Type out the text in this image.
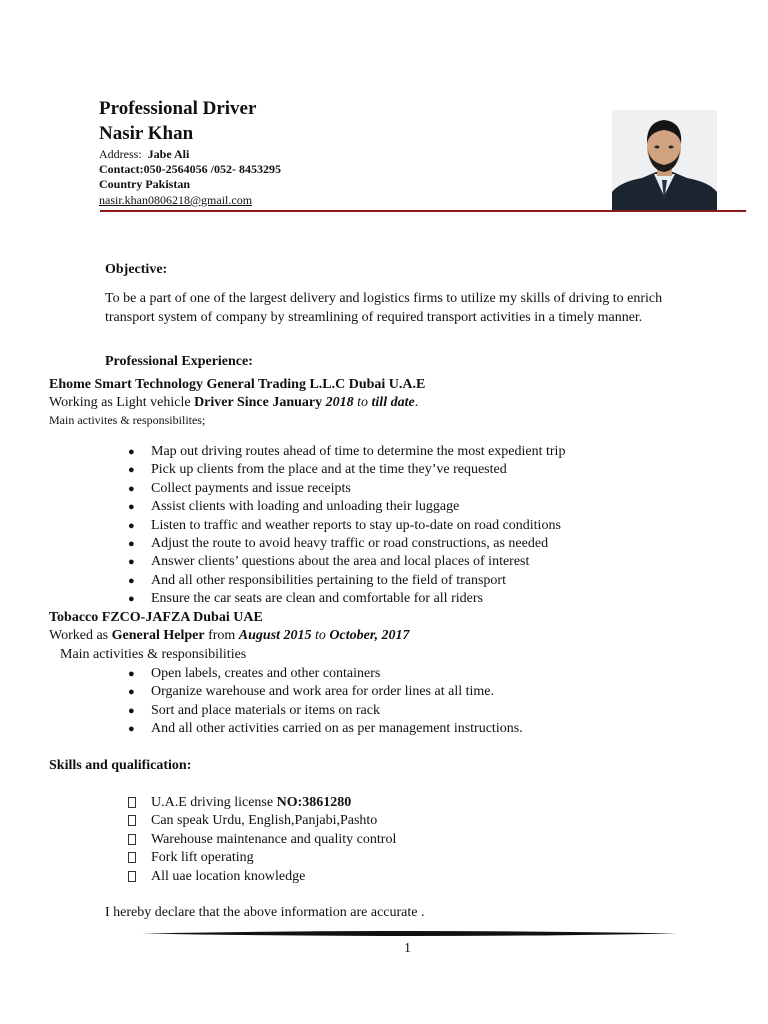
Professional Driver
Nasir Khan
Address: Jabe Ali
Contact:050-2564056 /052- 8453295
Country Pakistan
nasir.khan0806218@gmail.com
Objective:
To be a part of one of the largest delivery and logistics firms to utilize my skills of driving to enrich
transport system of company by streamlining of required transport activities in a timely manner.
Professional Experience:
Ehome Smart Technology General Trading L.L.C Dubai U.A.E
Working as Light vehicle Driver Since January 2018 to till date.
Main activites & responsibilites;
● Map out driving routes ahead of time to determine the most expedient trip
● Pick up clients from the place and at the time they’ve requested
● Collect payments and issue receipts
● Assist clients with loading and unloading their luggage
● Listen to traffic and weather reports to stay up-to-date on road conditions
● Adjust the route to avoid heavy traffic or road constructions, as needed
● Answer clients’ questions about the area and local places of interest
● And all other responsibilities pertaining to the field of transport
● Ensure the car seats are clean and comfortable for all riders
Tobacco FZCO-JAFZA Dubai UAE
Worked as General Helper from August 2015 to October, 2017
Main activities & responsibilities
● Open labels, creates and other containers
● Organize warehouse and work area for order lines at all time.
● Sort and place materials or items on rack
● And all other activities carried on as per management instructions.
Skills and qualification:
U.A.E driving license NO:3861280
Can speak Urdu, English,Panjabi,Pashto
Warehouse maintenance and quality control
Fork lift operating
All uae location knowledge
I hereby declare that the above information are accurate .
1
